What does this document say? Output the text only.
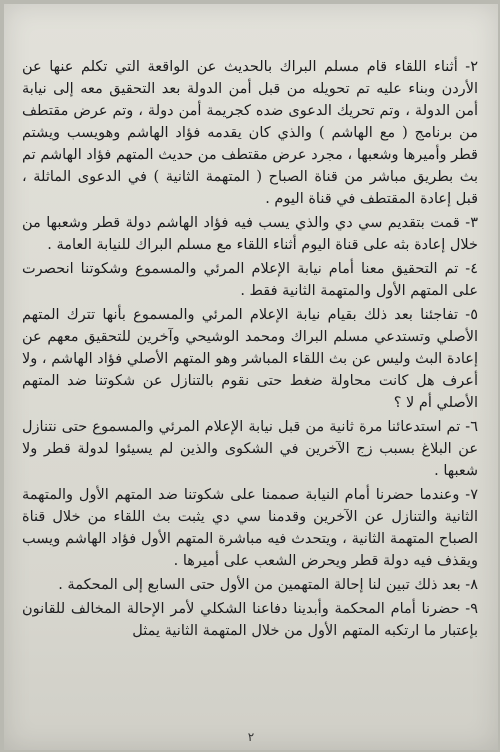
٢- أثناء اللقاء قام مسلم البراك بالحديث عن الواقعة التي تكلم عنها عن الأردن وبناء عليه تم تحويله من قبل أمن الدولة بعد التحقيق معه إلى نيابة أمن الدولة ، وتم تحريك الدعوى ضده كجريمة أمن دولة ، وتم عرض مقتطف من برنامج ( مع الهاشم ) والذي كان يقدمه فؤاد الهاشم وهويسب ويشتم قطر وأميرها وشعبها ، مجرد عرض مقتطف من حديث المتهم فؤاد الهاشم تم بث بطريق مباشر من قناة الصباح ( المتهمة الثانية ) في الدعوى الماثلة ، قبل إعادة المقتطف في قناة اليوم .

٣- قمت بتقديم سي دي والذي يسب فيه فؤاد الهاشم دولة قطر وشعبها من خلال إعادة بثه على قناة اليوم أثناء اللقاء مع مسلم البراك للنيابة العامة .

٤- تم التحقيق معنا أمام نيابة الإعلام المرئي والمسموع وشكوتنا انحصرت على المتهم الأول والمتهمة الثانية فقط .

٥- تفاجئنا بعد ذلك بقيام نيابة الإعلام المرئي والمسموع بأنها تترك المتهم الأصلي وتستدعي مسلم البراك ومحمد الوشيحي وآخرين للتحقيق معهم عن إعادة البث وليس عن بث اللقاء المباشر وهو المتهم الأصلي فؤاد الهاشم ، ولا أعرف هل كانت محاولة ضغط حتى نقوم بالتنازل عن شكوتنا ضد المتهم الأصلي أم لا ؟

٦- تم استدعائنا مرة ثانية من قبل نيابة الإعلام المرئي والمسموع حتى نتنازل عن البلاغ بسبب زج الآخرين في الشكوى والذين لم يسيئوا لدولة قطر ولا شعبها .

٧- وعندما حضرنا أمام النيابة صممنا على شكوتنا ضد المتهم الأول والمتهمة الثانية والتنازل عن الآخرين وقدمنا سي دي يثبت بث اللقاء من خلال قناة الصباح المتهمة الثانية ، ويتحدث فيه مباشرة المتهم الأول فؤاد الهاشم ويسب ويقذف فيه دولة قطر ويحرض الشعب على أميرها .

٨- بعد ذلك تبين لنا إحالة المتهمين من الأول حتى السابع إلى المحكمة .

٩- حضرنا أمام المحكمة وأبدينا دفاعنا الشكلي لأمر الإحالة المخالف للقانون بإعتبار ما ارتكبه المتهم الأول من خلال المتهمة الثانية يمثل

٢
